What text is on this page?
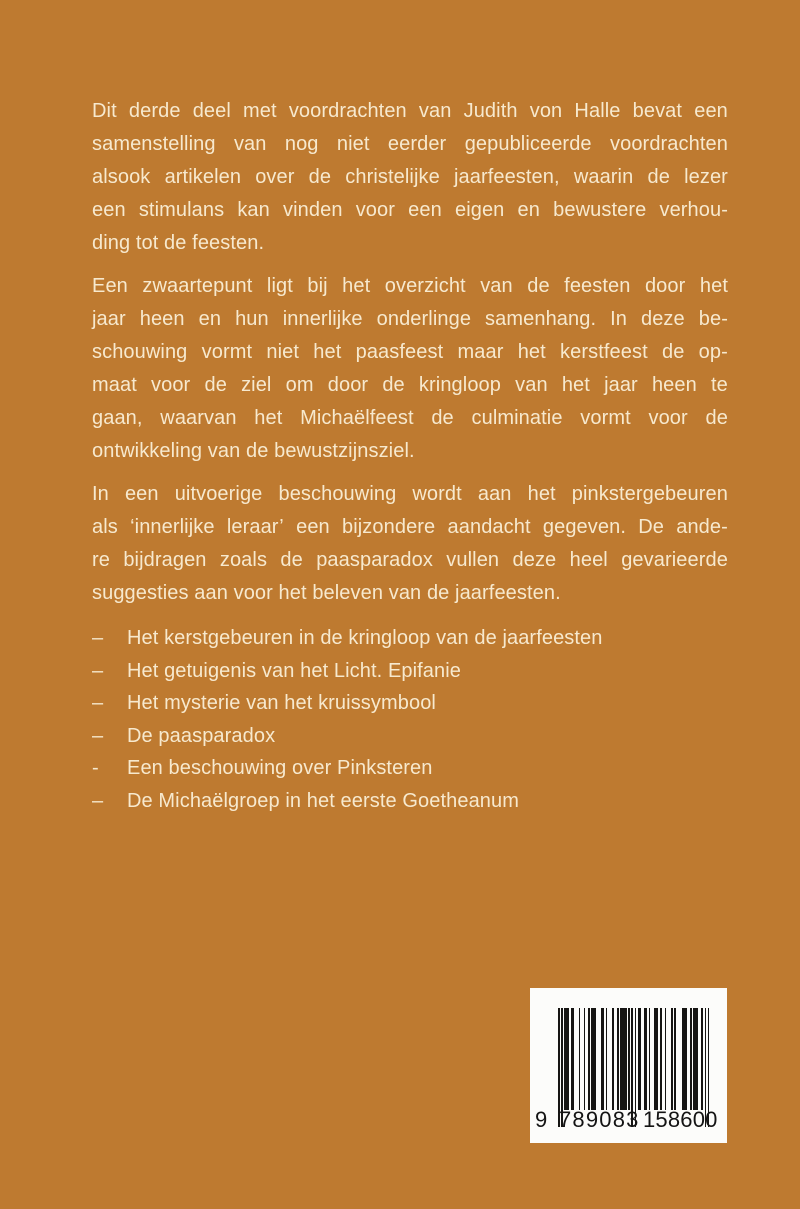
Dit derde deel met voordrachten van Judith von Halle bevat een
samenstelling van nog niet eerder gepubliceerde voordrachten
alsook artikelen over de christelijke jaarfeesten, waarin de lezer
een stimulans kan vinden voor een eigen en bewustere verhou-
ding tot de feesten.
Een zwaartepunt ligt bij het overzicht van de feesten door het
jaar heen en hun innerlijke onderlinge samenhang. In deze be-
schouwing vormt niet het paasfeest maar het kerstfeest de op-
maat voor de ziel om door de kringloop van het jaar heen te
gaan, waarvan het Michaëlfeest de culminatie vormt voor de
ontwikkeling van de bewustzijnsziel.
In een uitvoerige beschouwing wordt aan het pinkstergebeuren
als ‘innerlijke leraar’ een bijzondere aandacht gegeven. De ande-
re bijdragen zoals de paasparadox vullen deze heel gevarieerde
suggesties aan voor het beleven van de jaarfeesten.
–	Het kerstgebeuren in de kringloop van de jaarfeesten
–	Het getuigenis van het Licht. Epifanie
–	Het mysterie van het kruissymbool
–	De paasparadox
-	Een beschouwing over Pinksteren
–	De Michaëlgroep in het eerste Goetheanum
9 789083 158600
